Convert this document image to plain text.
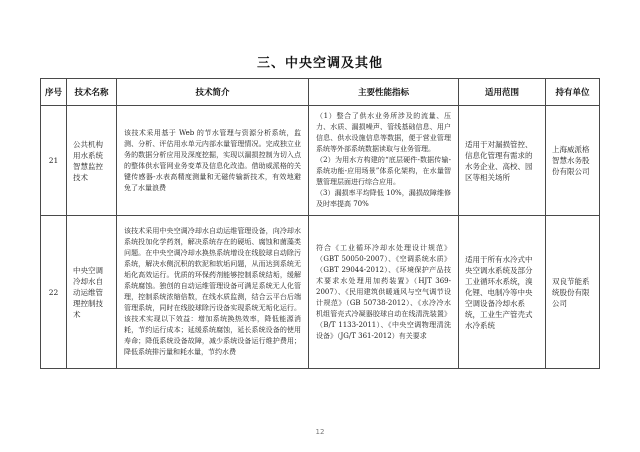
三、中央空调及其他
序号	技术名称	技术简介	主要性能指标	适用范围	持有单位
21	公共机构用水系统智慧监控技术	该技术采用基于 Web 的节水管理与资源分析系统，监测、分析、评估用水单元内部水量管理情况。完成独立业务的数据分析应用及深度挖掘，实现以漏损控制为切入点的整体供水管网业务变革及信息化改造。借助威派格的关键传感器-水表高精度测量和无磁传输新技术，有效地避免了水量浪费	（1）整合了供水业务所涉及的流量、压力、水质、漏损噪声、管线基础信息、用户信息、供水设施信息等数据，便于营业管理系统等外部系统数据读取与业务管理。

（2）为用水方构建的“底层硬件-数据传输-系统功能-应用场景”体系化架构，在水量智慧管理层面进行综合应用。

（3）漏损率平均降低 10%，漏损故障维修及时率提高 70%	适用于对漏损管控、信息化管理有需求的水务企业、高校、园区等相关场所	上海威派格智慧水务股份有限公司
22	中央空调冷却水自动运维管理控制技术	该技术采用中央空调冷却水自动运维管理设备，向冷却水系统投加化学药剂，解决系统存在的硬垢、腐蚀和菌藻类问题。在中央空调冷却水换热系统增设在线胶球自动除污系统，解决水侧沉积的软泥和软垢问题，从而达到系统无垢化高效运行。优质的环保药剂能够控制系统结垢，缓解系统腐蚀。独创的自动运维管理设备可满足系统无人化管理，控制系统浓缩倍数，在线水质监测，结合云平台后端管理系统，同时在线胶球除污设备实现系统无垢化运行。该技术实现以下效益：增加系统换热效率，降低能源消耗，节约运行成本；延缓系统腐蚀，延长系统设备的使用寿命；降低系统设备故障，减少系统设备运行维护费用；降低系统排污量和耗水量，节约水费	符合《工业循环冷却水处理设计规范》（GBT 50050-2007）、《空调系统水质》（GBT 29044-2012）、《环境保护产品技术要求水处理用加药装置》（HJT 369-2007）、《民用建筑供暖通风与空气调节设计规范》（GB 50738-2012）、《水冷冷水机组管壳式冷凝器胶球自动在线清洗装置》（B/T 1133-2011）、《中央空调物理清洗设备》（JG/T 361-2012）有关要求	适用于所有水冷式中央空调水系统及部分工业循环水系统，溴化锂、电制冷等中央空调设备冷却水系统，工业生产管壳式水冷系统	双良节能系统股份有限公司
12
